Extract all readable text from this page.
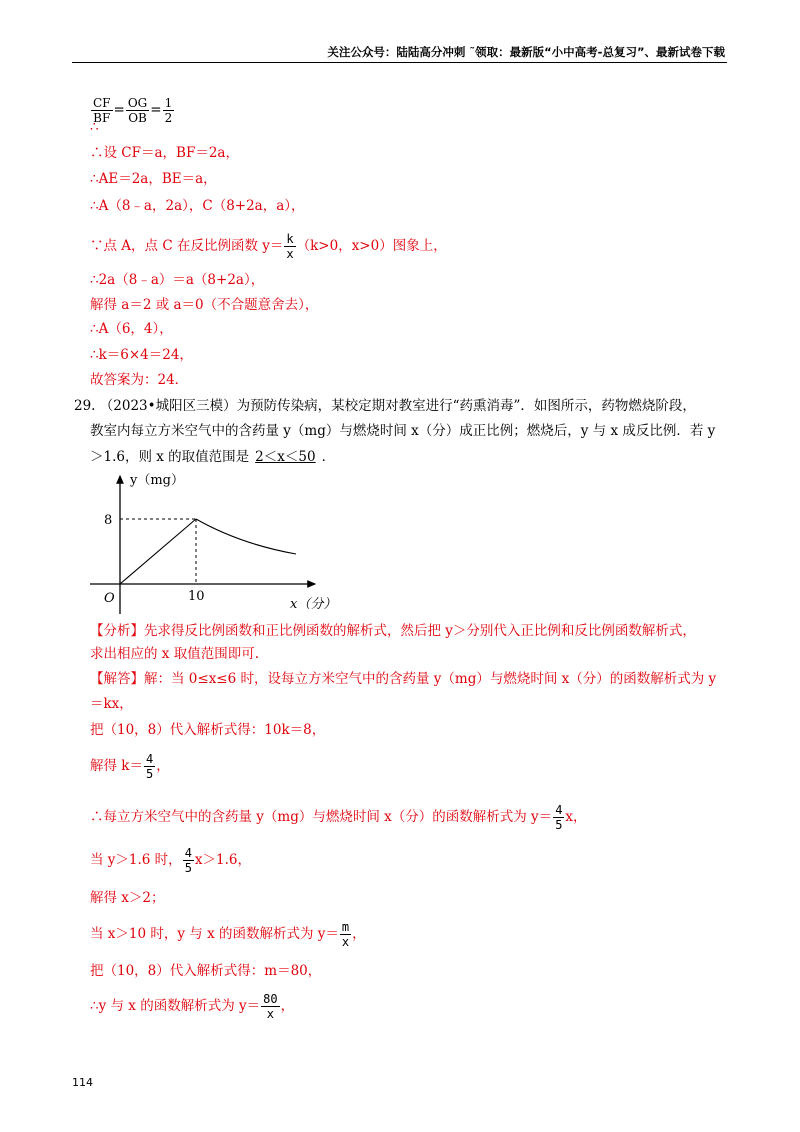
关注公众号：陆陆高分冲刺 ˜领取：最新版“小中高考-总复习”、最新试卷下载
$\frac{CF}{BF} = \frac{OG}{OB} = \frac{1}{2}$
∴
∴设 CF＝a，BF＝2a，
∴AE＝2a，BE＝a，
∴A（8﹣a，2a），C（8+2a，a），
∵点 A，点 C 在反比例函数 $y= \frac{k}{x} (k>0$，x>0）图象上，
∴2a（8﹣a）＝a（8+2a），
解得 a＝2 或 a＝0（不合题意舍去），
∴A（6，4），
∴k＝6×4＝24，
故答案为：24．
29. （2023•城阳区三模）为预防传染病，某校定期对教室进行“药熏消毒”．如图所示，药物燃烧阶段，
教室内每立方米空气中的含药量 y（mg）与燃烧时间 x（分）成正比例；燃烧后，y 与 x 成反比例．若 y
＞1.6，则 x 的取值范围是 2＜x＜50 ．
y（mg）
x（分）
O
8
10
【分析】先求得反比例函数和正比例函数的解析式，然后把 y＞分别代入正比例和反比例函数解析式，
求出相应的 x 取值范围即可.
【解答】解：当 0≤x≤6 时，设每立方米空气中的含药量 y（mg）与燃烧时间 x（分）的函数解析式为 y
＝kx，
把（10，8）代入解析式得：10k＝8，
解得 $k= \frac{4}{5}$ ，
∴每立方米空气中的含药量 y（mg）与燃烧时间 x（分）的函数解析式为 $y= \frac{4}{5}$ x，
当 y＞1.6 时， $\frac{4}{5} x>1.6$，
解得 x＞2；
当 x＞10 时，y 与 x 的函数解析式为 $y= \frac{m}{x}$ ，
把（10，8）代入解析式得：m＝80，
∴y 与 x 的函数解析式为 $y= \frac{80}{x}$ ，
114
